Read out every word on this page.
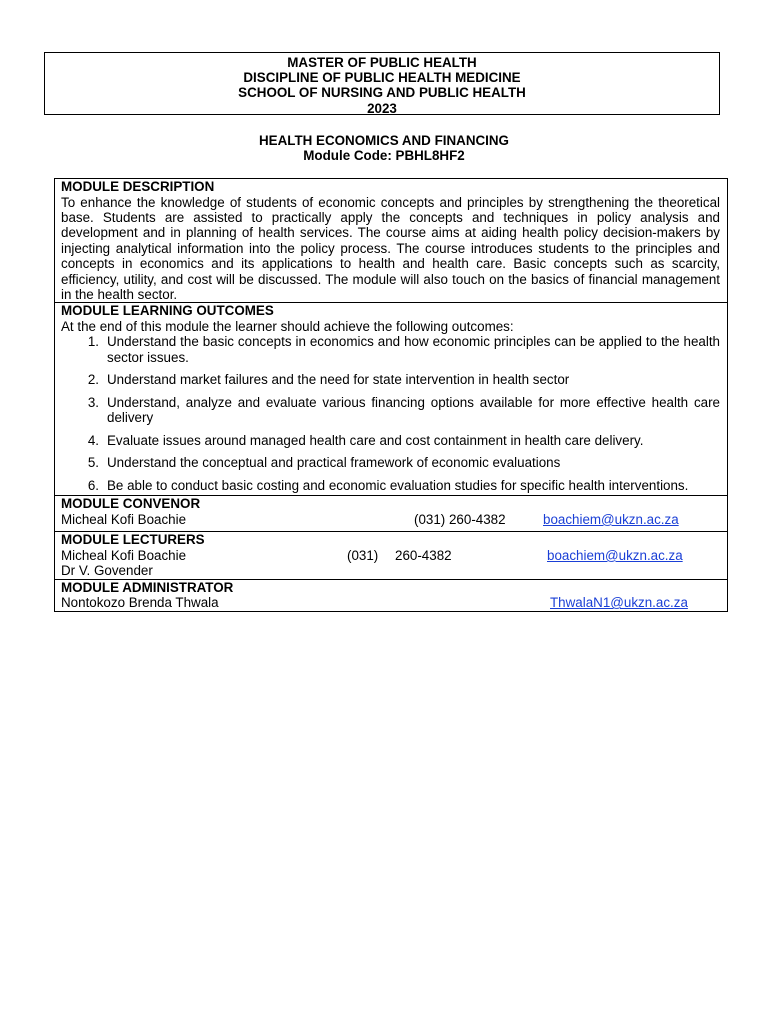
MASTER OF PUBLIC HEALTH
DISCIPLINE OF PUBLIC HEALTH MEDICINE
SCHOOL OF NURSING AND PUBLIC HEALTH
2023
HEALTH ECONOMICS AND FINANCING
Module Code: PBHL8HF2
MODULE DESCRIPTION
To enhance the knowledge of students of economic concepts and principles by strengthening the theoretical base. Students are assisted to practically apply the concepts and techniques in policy analysis and development and in planning of health services. The course aims at aiding health policy decision-makers by injecting analytical information into the policy process. The course introduces students to the principles and concepts in economics and its applications to health and health care. Basic concepts such as scarcity, efficiency, utility, and cost will be discussed. The module will also touch on the basics of financial management in the health sector.
MODULE LEARNING OUTCOMES
At the end of this module the learner should achieve the following outcomes:
1. Understand the basic concepts in economics and how economic principles can be applied to the health sector issues.
2. Understand market failures and the need for state intervention in health sector
3. Understand, analyze and evaluate various financing options available for more effective health care delivery
4. Evaluate issues around managed health care and cost containment in health care delivery.
5. Understand the conceptual and practical framework of economic evaluations
6. Be able to conduct basic costing and economic evaluation studies for specific health interventions.
MODULE CONVENOR
Micheal Kofi Boachie	(031) 260-4382	boachiem@ukzn.ac.za
MODULE LECTURERS
Micheal Kofi Boachie	(031) 260-4382	boachiem@ukzn.ac.za
Dr V. Govender
MODULE ADMINISTRATOR
Nontokozo Brenda Thwala	ThwalaN1@ukzn.ac.za
